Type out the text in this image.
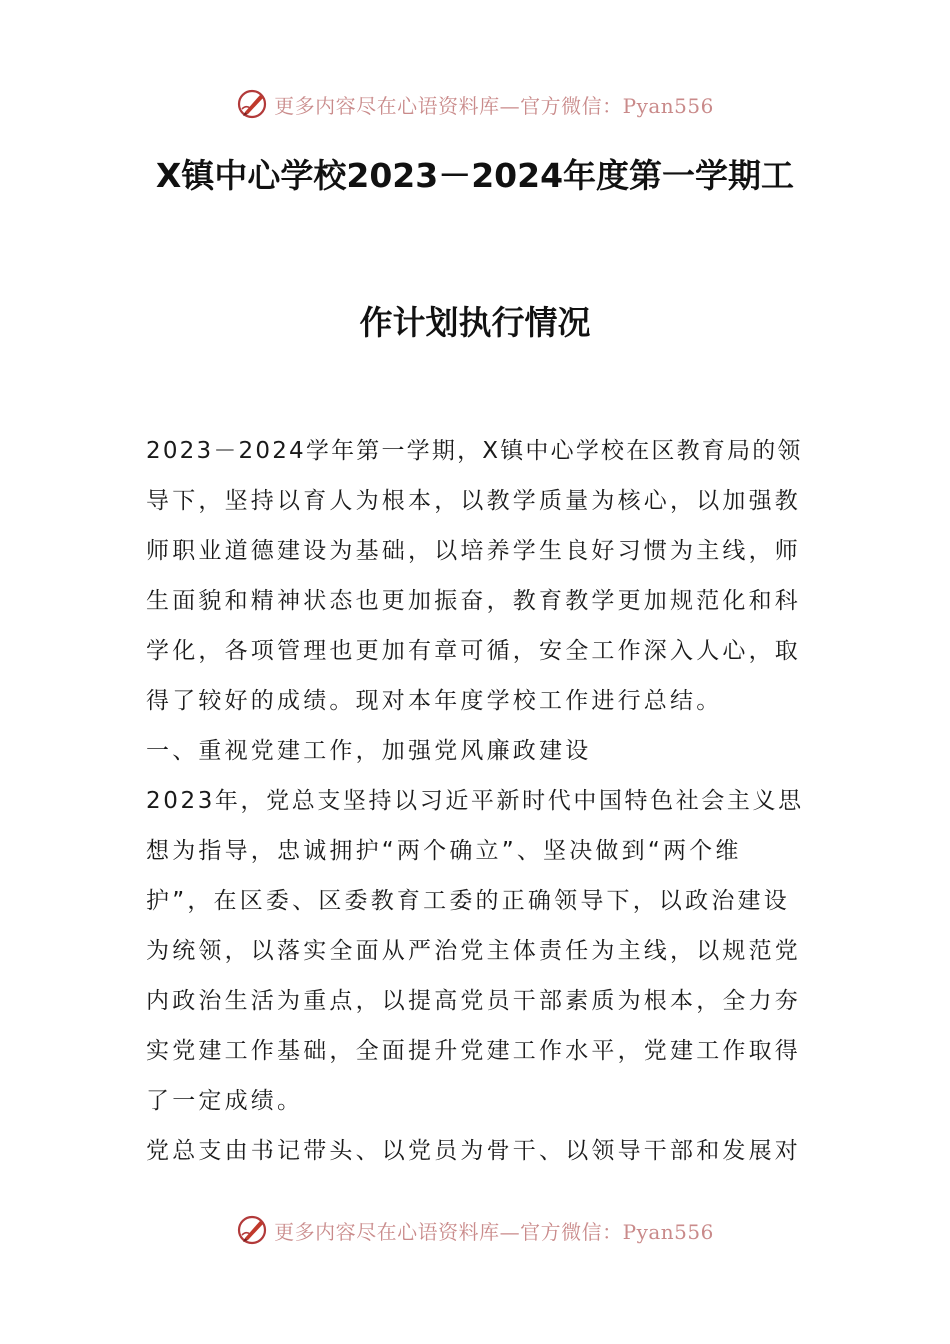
更多内容尽在心语资料库—官方微信：Pyan556
X镇中心学校2023－2024年度第一学期工
作计划执行情况
2023－2024学年第一学期，X镇中心学校在区教育局的领
导下，坚持以育人为根本，以教学质量为核心，以加强教
师职业道德建设为基础，以培养学生良好习惯为主线，师
生面貌和精神状态也更加振奋，教育教学更加规范化和科
学化，各项管理也更加有章可循，安全工作深入人心，取
得了较好的成绩。现对本年度学校工作进行总结。
一、重视党建工作，加强党风廉政建设
2023年，党总支坚持以习近平新时代中国特色社会主义思
想为指导，忠诚拥护“两个确立”、坚决做到“两个维
护”，在区委、区委教育工委的正确领导下，以政治建设
为统领，以落实全面从严治党主体责任为主线，以规范党
内政治生活为重点，以提高党员干部素质为根本，全力夯
实党建工作基础，全面提升党建工作水平，党建工作取得
了一定成绩。
党总支由书记带头、以党员为骨干、以领导干部和发展对
更多内容尽在心语资料库—官方微信：Pyan556
